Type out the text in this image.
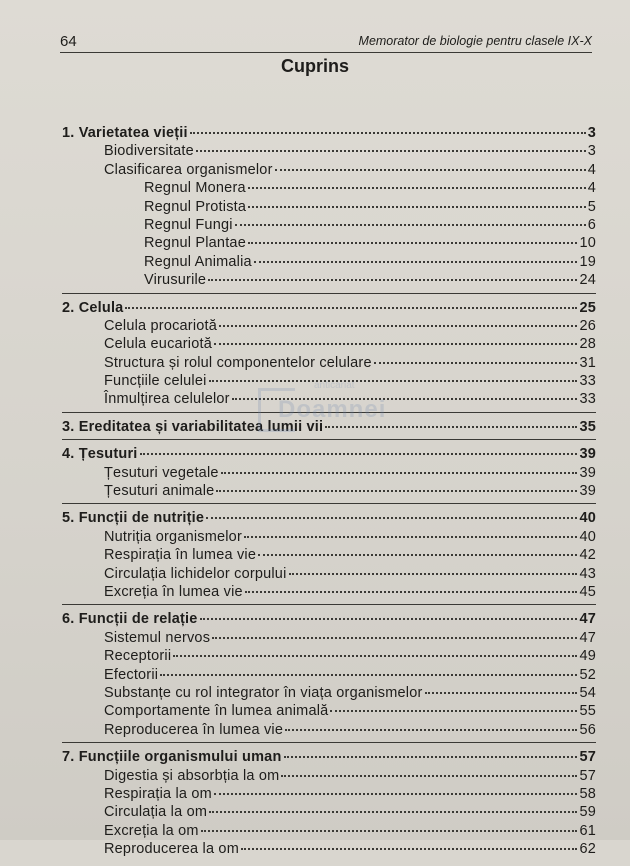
64	Memorator de biologie pentru clasele IX-X
Cuprins
1. Varietatea vieții	3
Biodiversitate	3
Clasificarea organismelor	4
Regnul Monera	4
Regnul Protista	5
Regnul Fungi	6
Regnul Plantae	10
Regnul Animalia	19
Virusurile	24
2. Celula	25
Celula procariotă	26
Celula eucariotă	28
Structura și rolul componentelor celulare	31
Funcțiile celulei	33
Înmulțirea celulelor	33
3. Ereditatea și variabilitatea lumii vii	35
4. Țesuturi	39
Țesuturi vegetale	39
Țesuturi animale	39
5. Funcții de nutriție	40
Nutriția organismelor	40
Respirația în lumea vie	42
Circulația lichidelor corpului	43
Excreția în lumea vie	45
6. Funcții de relație	47
Sistemul nervos	47
Receptorii	49
Efectorii	52
Substanțe cu rol integrator în viața organismelor	54
Comportamente în lumea animală	55
Reproducerea în lumea vie	56
7. Funcțiile organismului uman	57
Digestia și absorbția la om	57
Respirația la om	58
Circulația la om	59
Excreția la om	61
Reproducerea la om	62
anticariat
Doamnei
